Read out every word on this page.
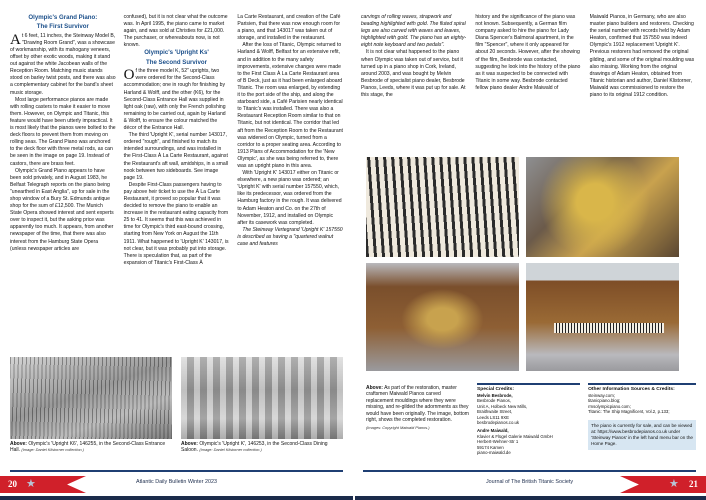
Olympic's Grand Piano:
The First Survivor
At 6 feet, 11 inches, the Steinway Model B, "Drawing Room Grand", was a showcase of workmanship, with its mahogany veneers, offset by other exotic woods, making it stand out against the white Jacobean walls of the Reception Room. Matching music stands stood on barley twist posts, and there was also a complementary cabinet for the band's sheet music storage.

Most large performance pianos are made with rolling casters to make it easier to move them. However, on Olympic and Titanic, this feature would have been utterly impractical. It is most likely that the pianos were bolted to the deck floors to prevent them from moving on rolling seas. The Grand Piano was anchored to the deck floor with three metal rods, as can be seen in the image on page 19. Instead of castors, there are brass feet.

Olympic's Grand Piano appears to have been sold privately, and in August 1983, he Belfast Telegraph reports on the piano being "unearthed in East Anglia", up for sale in the shop window of a Bury St. Edmunds antique shop for the sum of £12,500. The Munich State Opera showed interest and sent experts over to inspect it, but the asking price was apparently too much. It appears, from another newspaper of the time, that there was also interest from the Hamburg State Opera (unless newspaper articles are

confused), but it is not clear what the outcome was. In April 1995, the piano came to market again, and was sold at Christies for £21,000. The purchaser, or whereabouts now, is not known.

Olympic's 'Upright Ks'
The Second Survivor
Of the three model K, 52" uprights, two were ordered for the Second-Class accommodation; one in rough for finishing by Harland & Wolff, and the other (K6), for the Second-Class Entrance Hall was supplied in light oak (raw), with only the French polishing remaining to be carried out, again by Harland & Wolff, to ensure the colour matched the décor of the Entrance Hall.

The third 'Upright K', serial number 143017, ordered "rough", and finished to match its intended surroundings, and was installed in the First-Class À La Carte Restaurant, against the Restaurant's aft wall, amidships, in a small nook between two sideboards. See image page 19.

Despite First-Class passengers having to pay above heir ticket to use the À La Carte Restaurant, it proved so popular that it was decided to remove the piano to enable an increase in the restaurant eating capacity from 25 to 41. It seems that this was achieved in time for Olympic's third east-bound crossing, starting from New York on August the 11th 1911. What happened to 'Upright K' 143017, is not clear, but it was probably put into storage. There is speculation that, as part of the expansion of Titanic's First-Class À

La Carte Restaurant, and creation of the Café Parisien, that there was now enough room for a piano, and that 143017 was taken out of storage, and installed in the restaurant.

After the loss of Titanic, Olympic returned to Harland & Wolff, Belfast for an extensive refit, and in addition to the many safety improvements, extensive changes were made to the First Class À La Carte Restaurant area of B Deck, just as it had been enlarged aboard Titanic. The room was enlarged, by extending it to the port side of the ship, and along the starboard side, a Café Parisien nearly identical to Titanic's was installed. There was also a Restaurant Reception Room similar to that on Titanic, but not identical. The corridor that led aft from the Reception Room to the Restaurant was widened on Olympic, turned from a corridor to a proper seating area. According to 1913 Plans of Accommodation for the 'New Olympic', as she was being referred to, there was an upright piano in this area.

With 'Upright K' 143017 either on Titanic or elsewhere, a new piano was ordered; an 'Upright K' with serial number 157550, which, like its predecessor, was ordered from the Hamburg factory in the rough. It was delivered to Adam Heaton and Co. on the 27th of November, 1912, and installed on Olympic after its casework was completed.

The Steinway Vertegrand 'Upright K' 157550 is described as having a "quartered walnut case and features

Above: Olympic's 'Upright K6', 146255, in the Second-Class Entrance Hall. (Image: Daniel Klistorner collection.)
Above: Olympic's 'Upright K', 146253, in the Second-Class Dining Saloon. (Image: Daniel Klistorner collection.)
Atlantic Daily Bulletin Winter 2023
20 ★

carvings of rolling waves, strapwork and beading highlighted with gold. The fluted spiral legs are also carved with waves and leaves, highlighted with gold. The piano has an eighty-eight note keyboard and two pedals".

It is not clear what happened to the piano when Olympic was taken out of service, but it turned up in a piano shop in Cork, Ireland, around 2003, and was bought by Melvin Besbrode of specialist piano dealer, Besbrode Pianos, Leeds, where it was put up for sale. At this stage, the

history and the significance of the piano was not known. Subsequently, a German film company asked to hire the piano for Lady Diana Spencer's Balmoral apartment, in the film "Spencer", where it only appeared for about 20 seconds. However, after the showing of the film, Besbrode was contacted, suggesting he look into the history of the piano as it was suspected to be connected with Titanic in some way. Besbrode contacted fellow piano dealer Andre Maiwald of

Maiwald Pianos, in Germany, who are also master piano builders and restorers. Checking the serial number with records held by Adam Heaton, confirmed that 157550 was indeed Olympic's 1912 replacement 'Upright K'. Previous restorers had removed the original gilding, and some of the original moulding was also missing. Working from the original drawings of Adam Heaton, obtained from Titanic historian and author, Daniel Klistorner, Maiwald was commissioned to restore the piano to its original 1912 condition.

Above: As part of the restoration, master craftsmen Maiwald Pianos carved replacement mouldings where they were missing, and re-gilded the adornments as they would have been originally. The image, bottom right, shows the completed restoration.
(Images: Copyright Maiwald Pianos.)
Special Credits:
Melvin Besbrode,
Besbrode Pianos,
Unit A, Holbeck New Mills,
Braithwaite Street,
Leeds LS11 9XE
besbrodepianos.co.uk
Andre Maiwald,
Klavier & Flügel Galerie Maiwald GmbH
Herbert-Wehner-Str 1
59174 Kamen
piano-maiwald.de
Other Information Sources & Credits:
steinway.com;
titanicpiano.blog;
rmsolympicpiano.com;
Titanic: The Ship Magnificent, Vol.2, p.133;

The piano is currently for sale, and can be viewed at: https://www.besbrodepianos.co.uk under 'Steinway Pianos' in the left hand menu bar on the Home Page.

Journal of The British Titanic Society	21
★
